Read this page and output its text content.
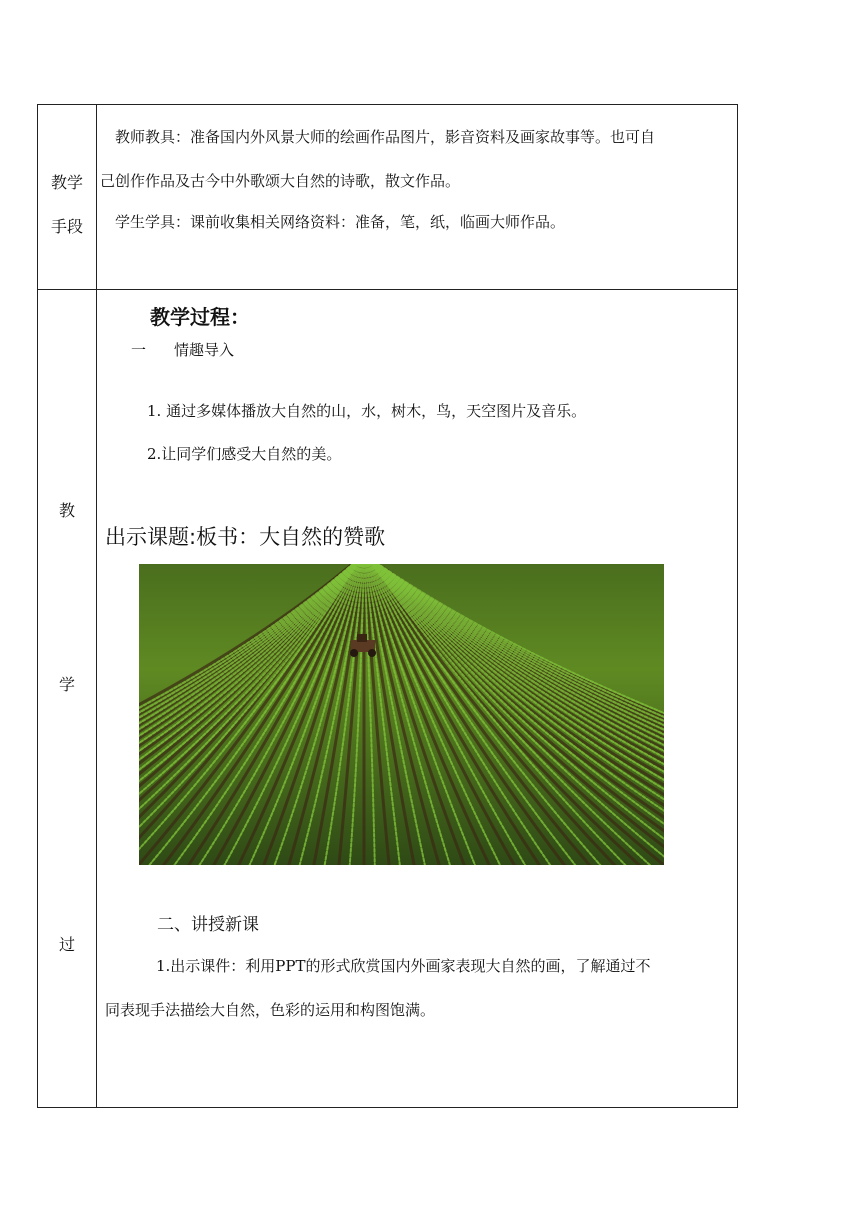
教学
手段
教师教具：准备国内外风景大师的绘画作品图片，影音资料及画家故事等。也可自
己创作作品及古今中外歌颂大自然的诗歌，散文作品。
学生学具：课前收集相关网络资料：准备，笔，纸，临画大师作品。
教
学
过
教学过程：
一 情趣导入
1. 通过多媒体播放大自然的山，水，树木，鸟，天空图片及音乐。
2.让同学们感受大自然的美。
出示课题:板书：大自然的赞歌
二、讲授新课
1.出示课件：利用PPT的形式欣赏国内外画家表现大自然的画，了解通过不
同表现手法描绘大自然，色彩的运用和构图饱满。
